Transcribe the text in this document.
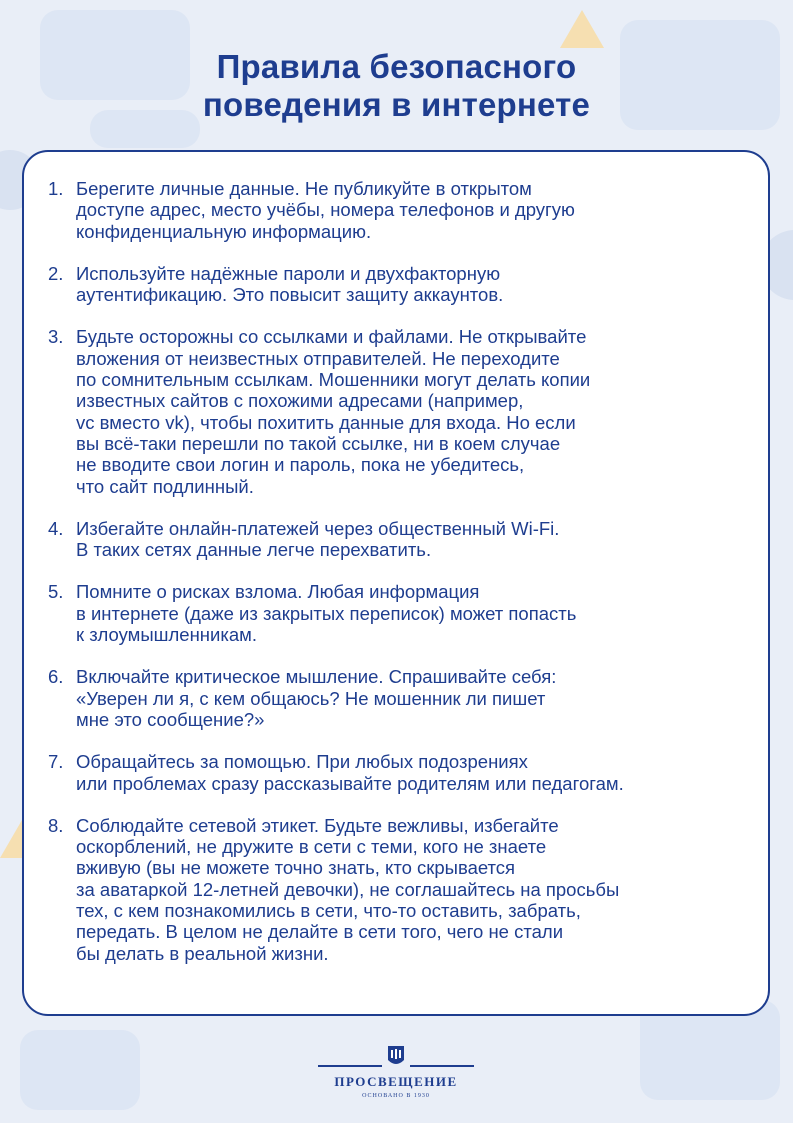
Правила безопасного
поведения в интернете
1. Берегите личные данные. Не публикуйте в открытом
доступе адрес, место учёбы, номера телефонов и другую
конфиденциальную информацию.
2. Используйте надёжные пароли и двухфакторную
аутентификацию. Это повысит защиту аккаунтов.
3. Будьте осторожны со ссылками и файлами. Не открывайте
вложения от неизвестных отправителей. Не переходите
по сомнительным ссылкам. Мошенники могут делать копии
известных сайтов с похожими адресами (например,
vc вместо vk), чтобы похитить данные для входа. Но если
вы всё-таки перешли по такой ссылке, ни в коем случае
не вводите свои логин и пароль, пока не убедитесь,
что сайт подлинный.
4. Избегайте онлайн-платежей через общественный Wi-Fi.
В таких сетях данные легче перехватить.
5. Помните о рисках взлома. Любая информация
в интернете (даже из закрытых переписок) может попасть
к злоумышленникам.
6. Включайте критическое мышление. Спрашивайте себя:
«Уверен ли я, с кем общаюсь? Не мошенник ли пишет
мне это сообщение?»
7. Обращайтесь за помощью. При любых подозрениях
или проблемах сразу рассказывайте родителям или педагогам.
8. Соблюдайте сетевой этикет. Будьте вежливы, избегайте
оскорблений, не дружите в сети с теми, кого не знаете
вживую (вы не можете точно знать, кто скрывается
за аватаркой 12-летней девочки), не соглашайтесь на просьбы
тех, с кем познакомились в сети, что-то оставить, забрать,
передать. В целом не делайте в сети того, чего не стали
бы делать в реальной жизни.
ПРОСВЕЩЕНИЕ
ОСНОВАНО В 1930
